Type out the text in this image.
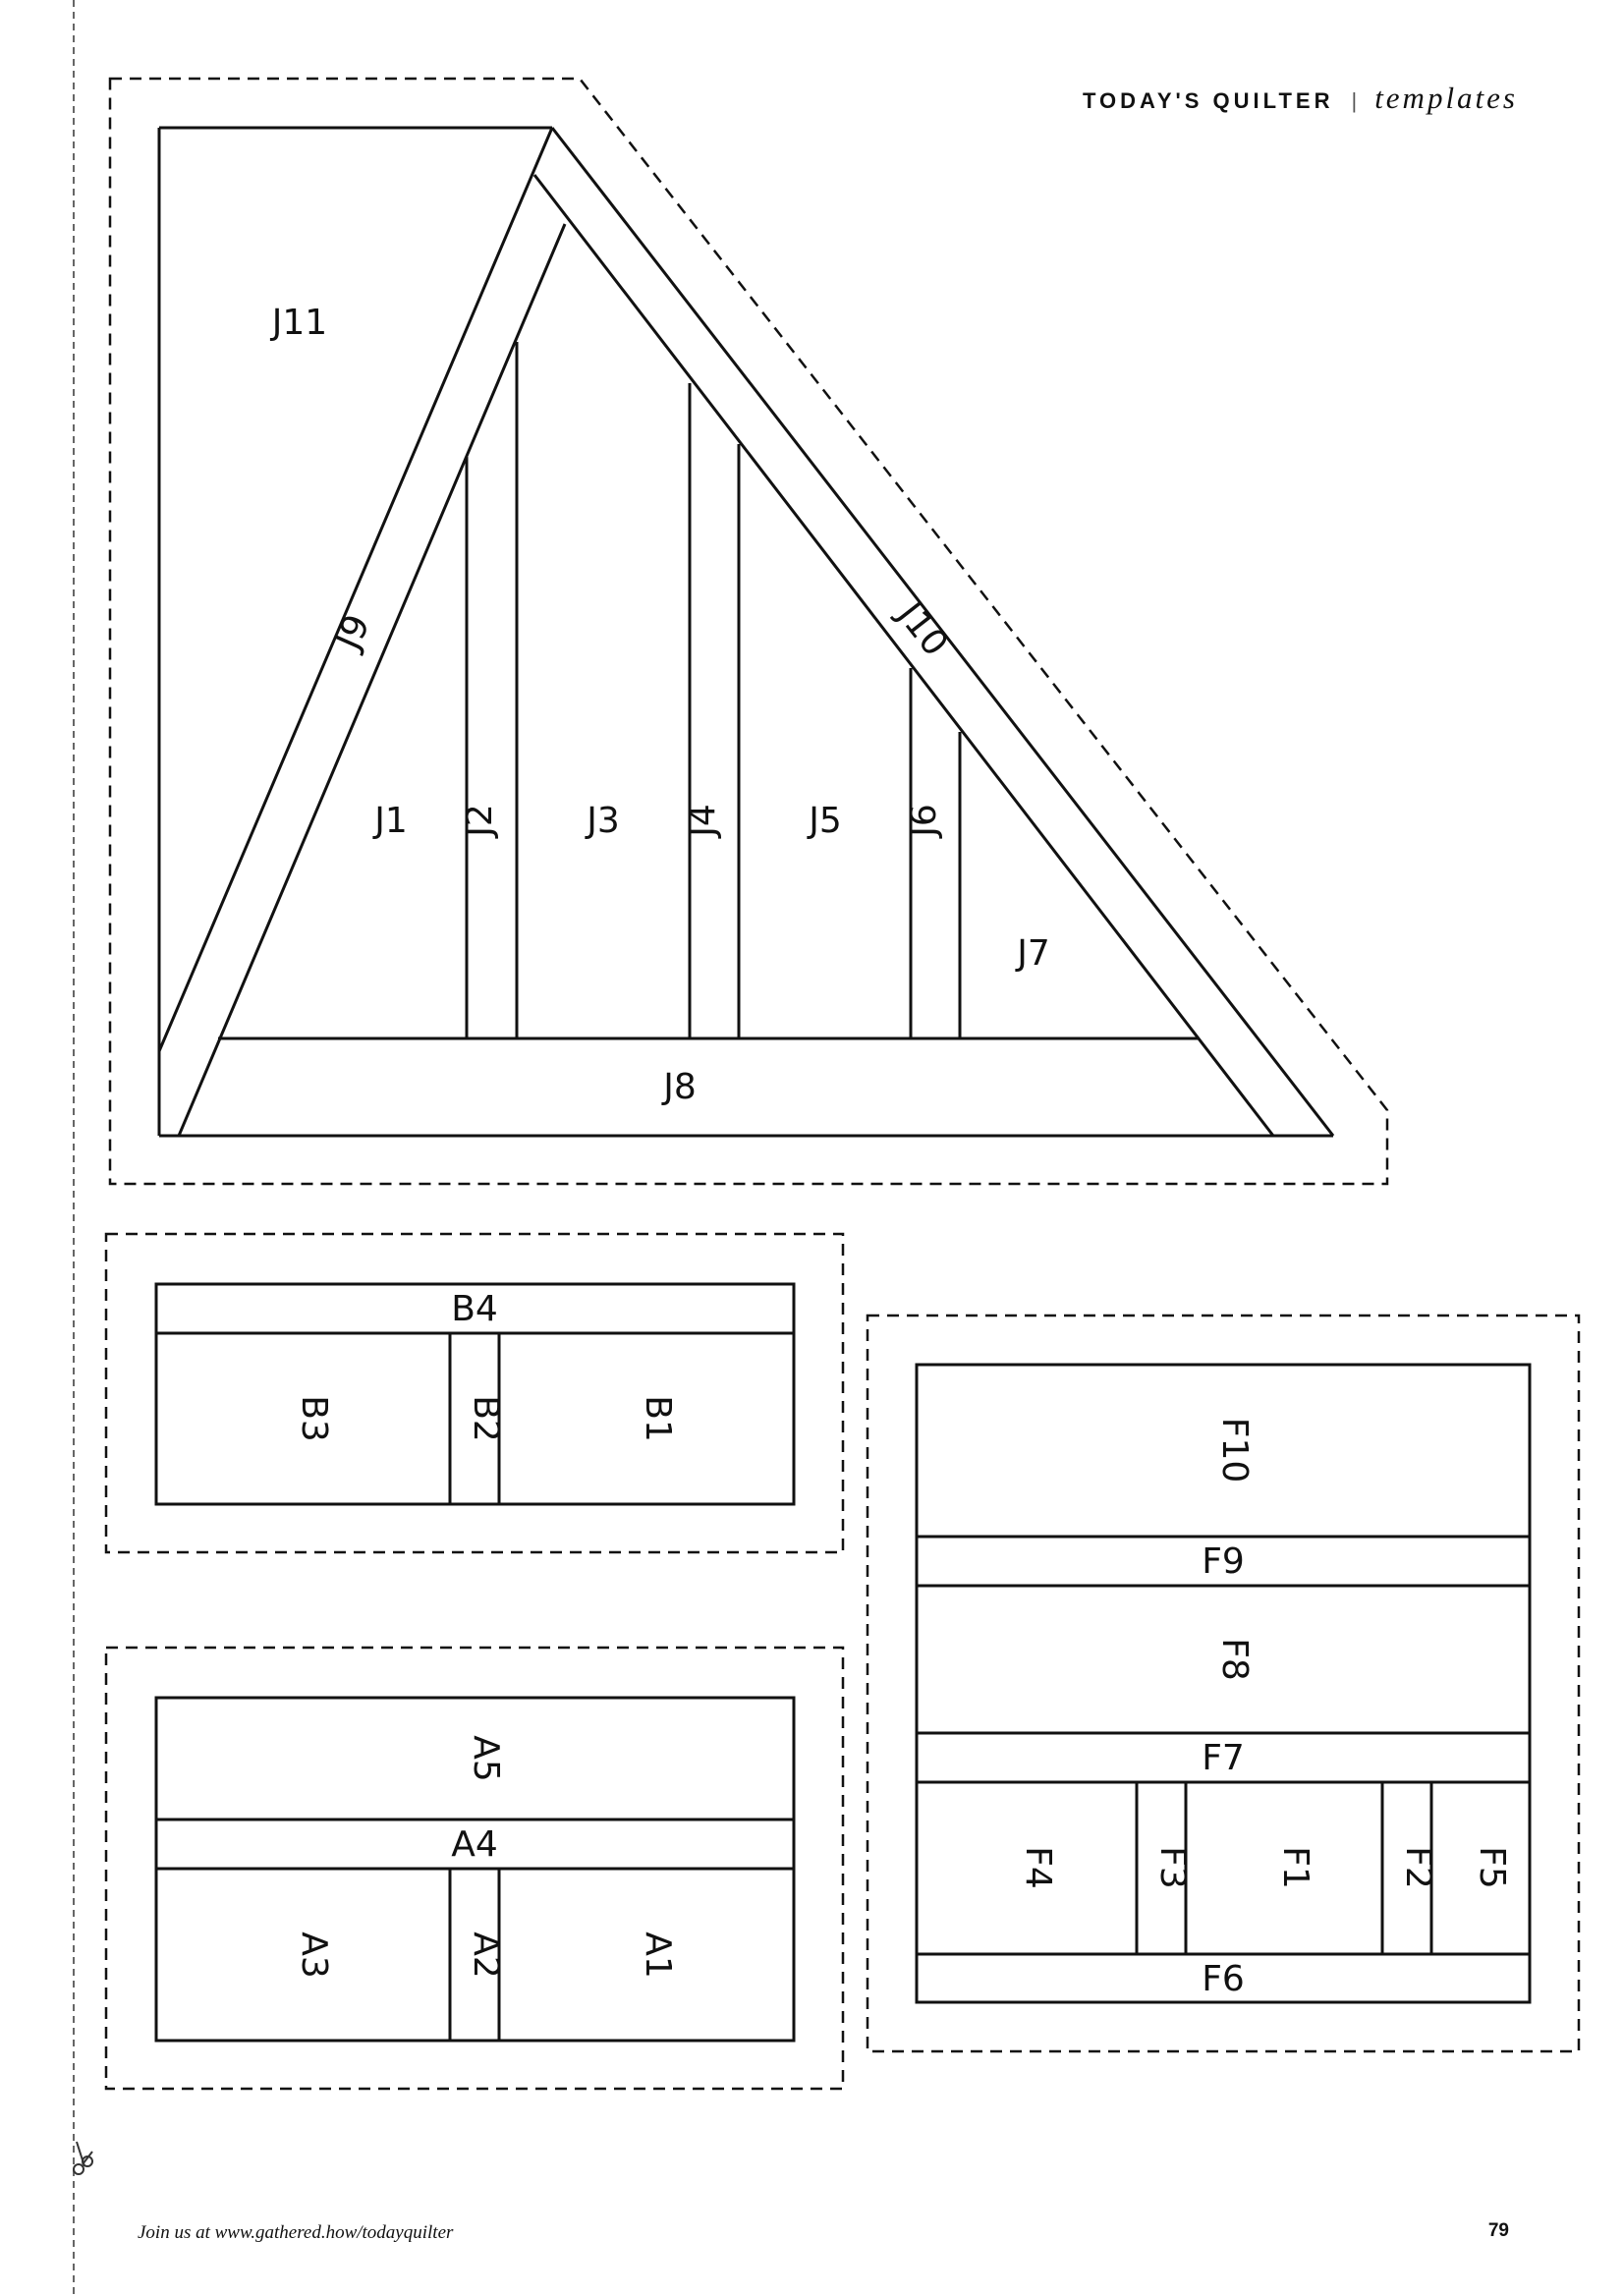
TODAY'S QUILTER | templates
J11
J9	J10
J1 J2 J3 J4 J5 J6
J7
J8
B4
B3	B2	B1
A5
A4
A3	A2	A1
F10
F9
F8
F7
F4	F3 F1 F2 F5
F6
Join us at www.gathered.how/todayquilter	79
